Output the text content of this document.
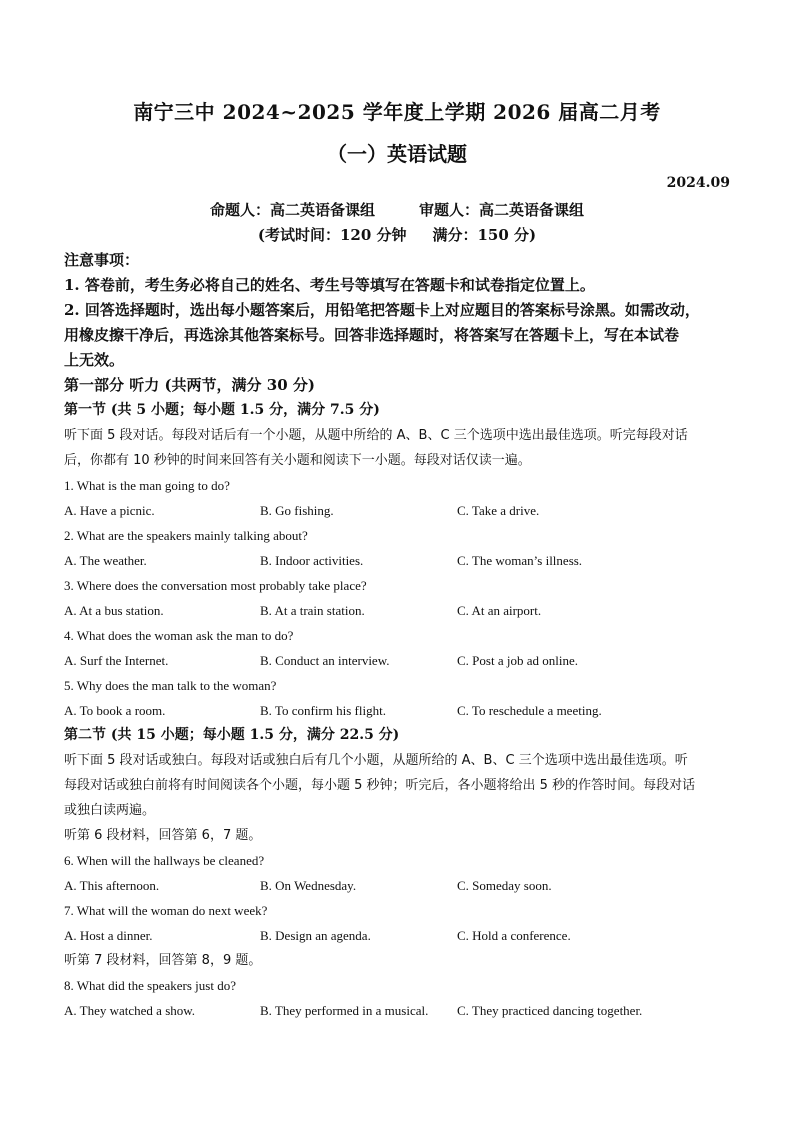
南宁三中 2024~2025 学年度上学期 2026 届高二月考
（一）英语试题
2024.09
命题人：高二英语备课组	审题人：高二英语备课组
(考试时间：120 分钟 满分：150 分)
注意事项：
1. 答卷前，考生务必将自己的姓名、考生号等填写在答题卡和试卷指定位置上。
2. 回答选择题时，选出每小题答案后，用铅笔把答题卡上对应题目的答案标号涂黑。如需改动，
用橡皮擦干净后，再选涂其他答案标号。回答非选择题时，将答案写在答题卡上，写在本试卷
上无效。
第一部分 听力 (共两节，满分 30 分)
第一节 (共 5 小题；每小题 1.5 分，满分 7.5 分)
听下面 5 段对话。每段对话后有一个小题，从题中所给的 A、B、C 三个选项中选出最佳选项。听完每段对话
后，你都有 10 秒钟的时间来回答有关小题和阅读下一小题。每段对话仅读一遍。
1. What is the man going to do?
A. Have a picnic.	B. Go fishing.	C. Take a drive.
2. What are the speakers mainly talking about?
A. The weather.	B. Indoor activities.	C. The woman’s illness.
3. Where does the conversation most probably take place?
A. At a bus station.	B. At a train station.	C. At an airport.
4. What does the woman ask the man to do?
A. Surf the Internet.	B. Conduct an interview.	C. Post a job ad online.
5. Why does the man talk to the woman?
A. To book a room.	B. To confirm his flight.	C. To reschedule a meeting.
第二节 (共 15 小题；每小题 1.5 分，满分 22.5 分)
听下面 5 段对话或独白。每段对话或独白后有几个小题，从题所给的 A、B、C 三个选项中选出最佳选项。听
每段对话或独白前将有时间阅读各个小题，每小题 5 秒钟；听完后，各小题将给出 5 秒的作答时间。每段对话
或独白读两遍。
听第 6 段材料，回答第 6，7 题。
6. When will the hallways be cleaned?
A. This afternoon.	B. On Wednesday.	C. Someday soon.
7. What will the woman do next week?
A. Host a dinner.	B. Design an agenda.	C. Hold a conference.
听第 7 段材料，回答第 8，9 题。
8. What did the speakers just do?
A. They watched a show.	B. They performed in a musical.	C. They practiced dancing together.
